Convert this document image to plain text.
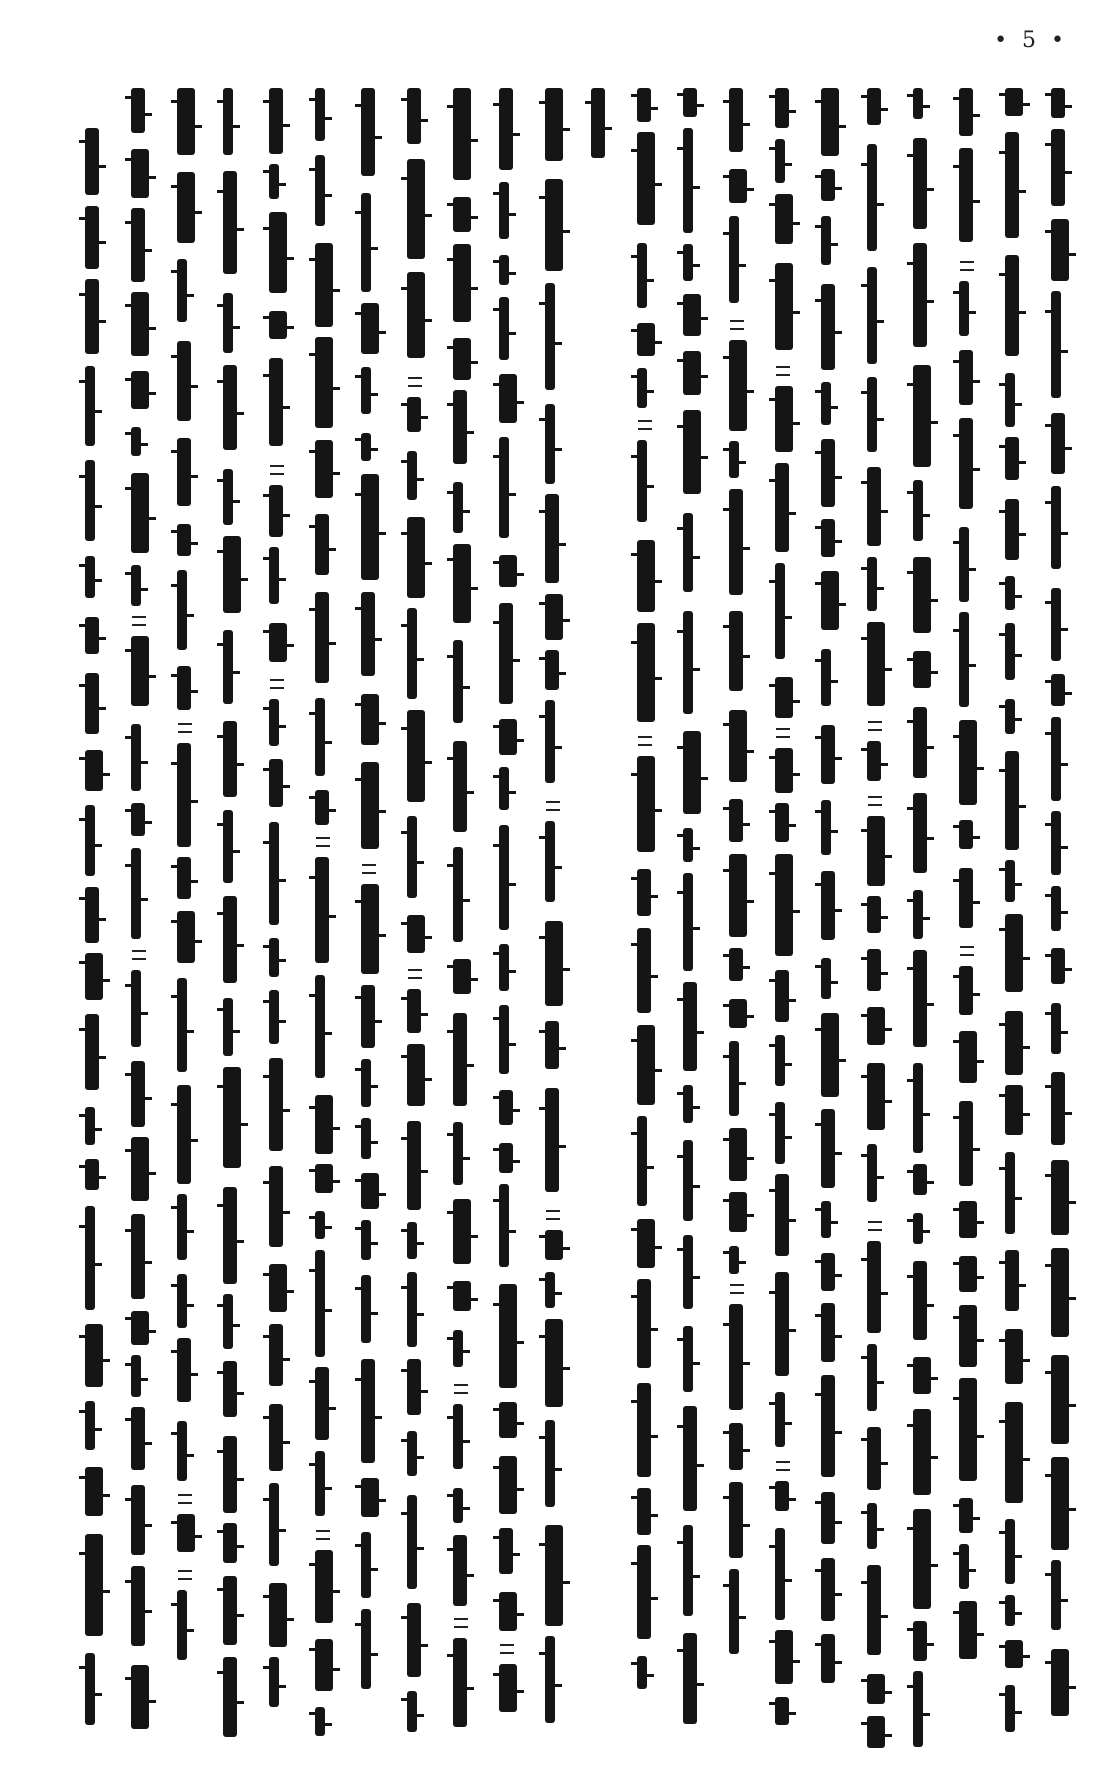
• 5 •
